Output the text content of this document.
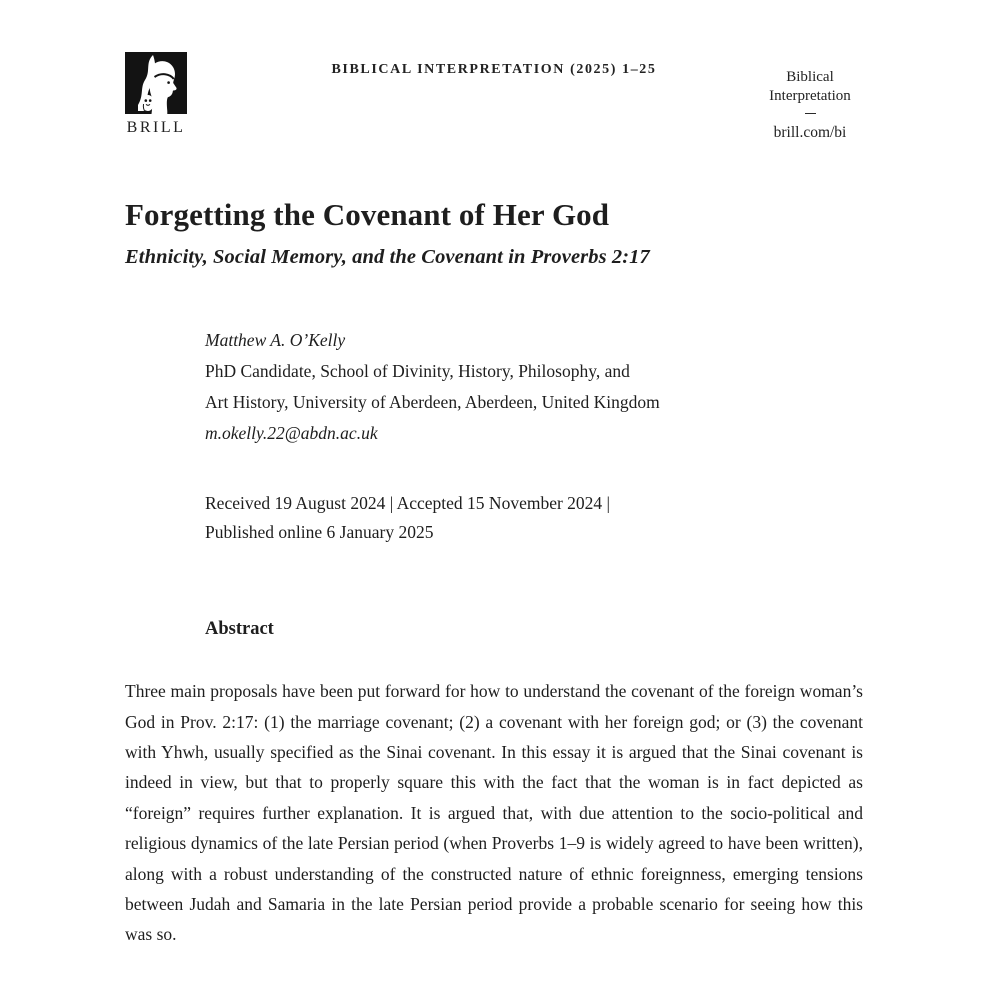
BRILL
BIBLICAL INTERPRETATION (2025) 1–25	Biblical
Interpretation
brill.com/bi
Forgetting the Covenant of Her God
Ethnicity, Social Memory, and the Covenant in Proverbs 2:17
Matthew A. O’Kelly
PhD Candidate, School of Divinity, History, Philosophy, and
Art History, University of Aberdeen, Aberdeen, United Kingdom
m.okelly.22@abdn.ac.uk
Received 19 August 2024 | Accepted 15 November 2024 |
Published online 6 January 2025
Abstract

Three main proposals have been put forward for how to understand the covenant of the foreign woman’s God in Prov. 2:17: (1) the marriage covenant; (2) a covenant with her foreign god; or (3) the covenant with Yhwh, usually specified as the Sinai covenant. In this essay it is argued that the Sinai covenant is indeed in view, but that to properly square this with the fact that the woman is in fact depicted as “foreign” requires further explanation. It is argued that, with due attention to the socio-political and religious dynamics of the late Persian period (when Proverbs 1–9 is widely agreed to have been written), along with a robust understanding of the constructed nature of ethnic foreignness, emerging tensions between Judah and Samaria in the late Persian period provide a probable scenario for seeing how this was so.
